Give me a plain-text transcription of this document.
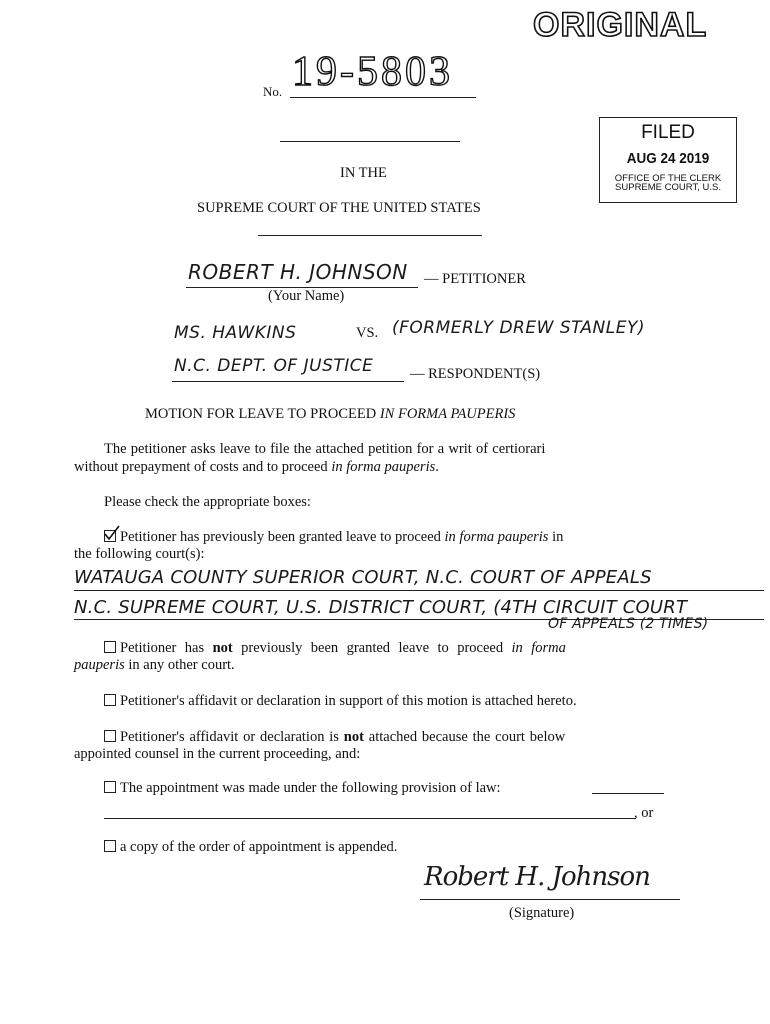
ORIGINAL
No. 19-5803
FILED
AUG 24 2019
OFFICE OF THE CLERK
SUPREME COURT, U.S.
IN THE
SUPREME COURT OF THE UNITED STATES
ROBERT H. JOHNSON — PETITIONER
(Your Name)
MS. HAWKINS	VS. (FORMERLY DREW STANLEY)
N.C. DEPT. OF JUSTICE	— RESPONDENT(S)
MOTION FOR LEAVE TO PROCEED IN FORMA PAUPERIS
The petitioner asks leave to file the attached petition for a writ of certiorari
without prepayment of costs and to proceed in forma pauperis.
Please check the appropriate boxes:
Petitioner has previously been granted leave to proceed in forma pauperis in
the following court(s):
WATAUGA COUNTY SUPERIOR COURT, N.C. COURT OF APPEALS
N.C. SUPREME COURT, U.S. DISTRICT COURT, (4TH CIRCUIT COURT
OF APPEALS (2 TIMES)
Petitioner has not previously been granted leave to proceed in forma
pauperis in any other court.
Petitioner's affidavit or declaration in support of this motion is attached hereto.
Petitioner's affidavit or declaration is not attached because the court below
appointed counsel in the current proceeding, and:
The appointment was made under the following provision of law:
, or
a copy of the order of appointment is appended.
Robert H. Johnson
(Signature)
